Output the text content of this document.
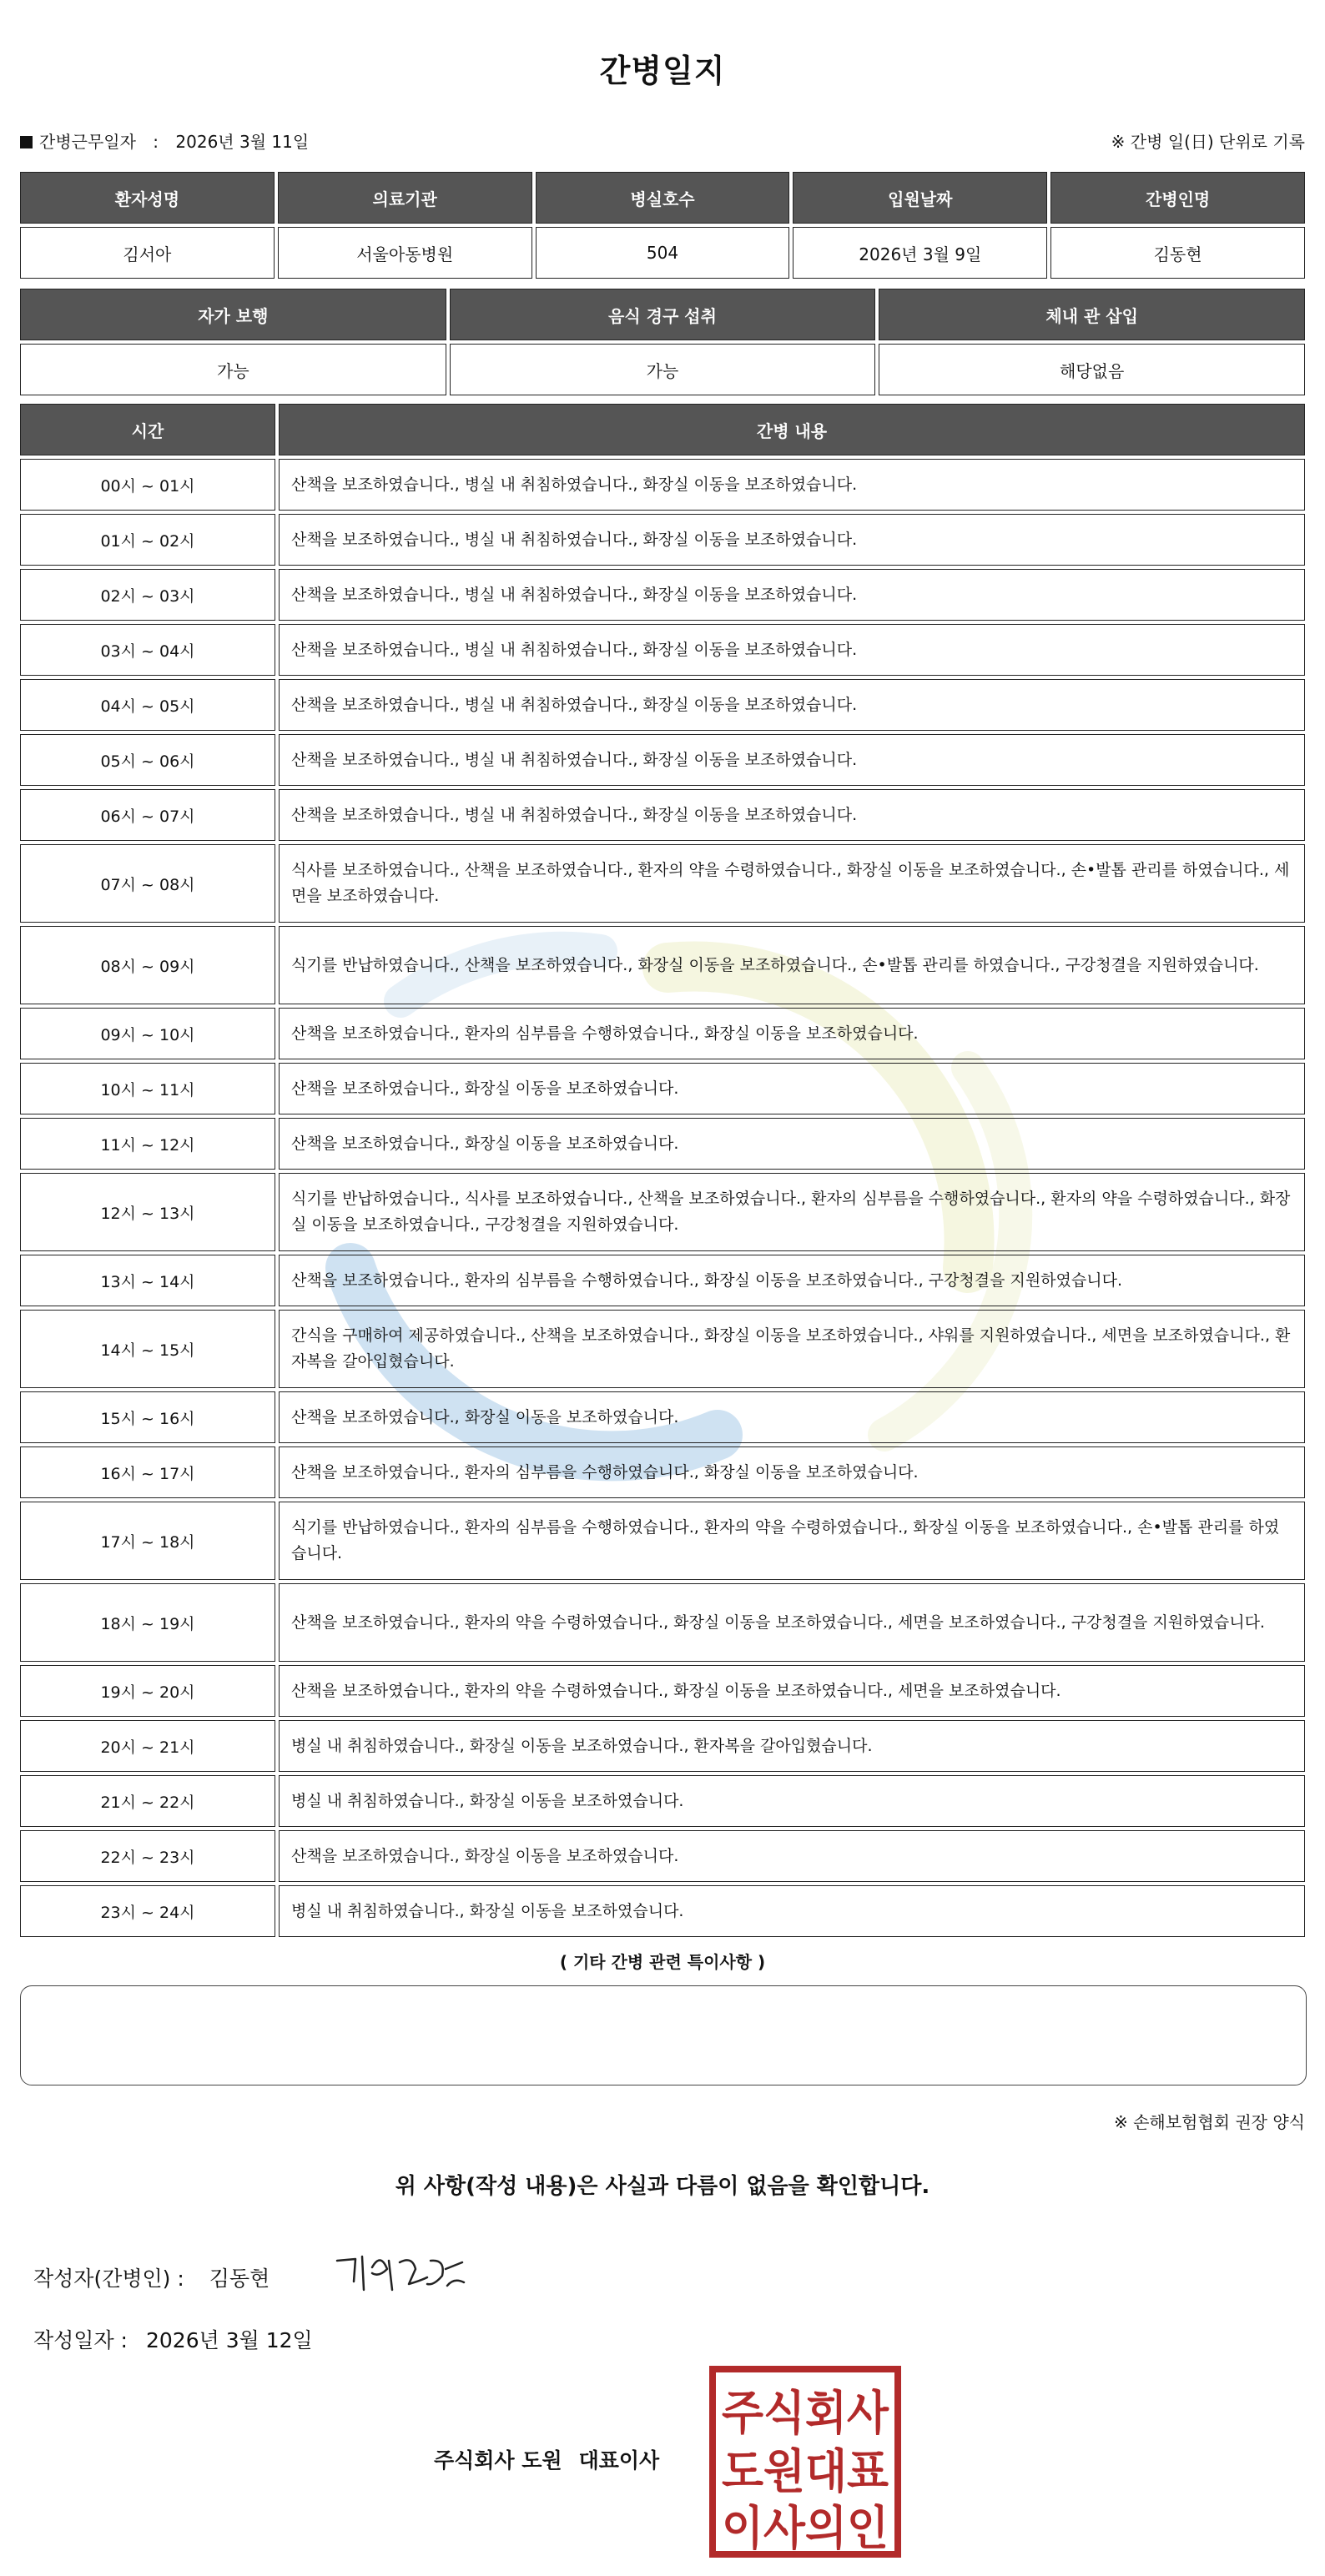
간병일지
간병근무일자 : 2026년 3월 11일	※ 간병 일(日) 단위로 기록
환자성명	의료기관	병실호수	입원날짜	간병인명
김서아	서울아동병원	504	2026년 3월 9일	김동현
자가 보행	음식 경구 섭취	체내 관 삽입
가능	가능	해당없음
시간	간병 내용
00시 ~ 01시	산책을 보조하였습니다., 병실 내 취침하였습니다., 화장실 이동을 보조하였습니다.
01시 ~ 02시	산책을 보조하였습니다., 병실 내 취침하였습니다., 화장실 이동을 보조하였습니다.
02시 ~ 03시	산책을 보조하였습니다., 병실 내 취침하였습니다., 화장실 이동을 보조하였습니다.
03시 ~ 04시	산책을 보조하였습니다., 병실 내 취침하였습니다., 화장실 이동을 보조하였습니다.
04시 ~ 05시	산책을 보조하였습니다., 병실 내 취침하였습니다., 화장실 이동을 보조하였습니다.
05시 ~ 06시	산책을 보조하였습니다., 병실 내 취침하였습니다., 화장실 이동을 보조하였습니다.
06시 ~ 07시	산책을 보조하였습니다., 병실 내 취침하였습니다., 화장실 이동을 보조하였습니다.
07시 ~ 08시	식사를 보조하였습니다., 산책을 보조하였습니다., 환자의 약을 수령하였습니다., 화장실 이동을 보조하였습니다., 손•발톱 관리를 하였습니다., 세면을 보조하였습니다.
08시 ~ 09시	식기를 반납하였습니다., 산책을 보조하였습니다., 화장실 이동을 보조하였습니다., 손•발톱 관리를 하였습니다., 구강청결을 지원하였습니다.
09시 ~ 10시	산책을 보조하였습니다., 환자의 심부름을 수행하였습니다., 화장실 이동을 보조하였습니다.
10시 ~ 11시	산책을 보조하였습니다., 화장실 이동을 보조하였습니다.
11시 ~ 12시	산책을 보조하였습니다., 화장실 이동을 보조하였습니다.
12시 ~ 13시	식기를 반납하였습니다., 식사를 보조하였습니다., 산책을 보조하였습니다., 환자의 심부름을 수행하였습니다., 환자의 약을 수령하였습니다., 화장실 이동을 보조하였습니다., 구강청결을 지원하였습니다.
13시 ~ 14시	산책을 보조하였습니다., 환자의 심부름을 수행하였습니다., 화장실 이동을 보조하였습니다., 구강청결을 지원하였습니다.
14시 ~ 15시	간식을 구매하여 제공하였습니다., 산책을 보조하였습니다., 화장실 이동을 보조하였습니다., 샤워를 지원하였습니다., 세면을 보조하였습니다., 환자복을 갈아입혔습니다.
15시 ~ 16시	산책을 보조하였습니다., 화장실 이동을 보조하였습니다.
16시 ~ 17시	산책을 보조하였습니다., 환자의 심부름을 수행하였습니다., 화장실 이동을 보조하였습니다.
17시 ~ 18시	식기를 반납하였습니다., 환자의 심부름을 수행하였습니다., 환자의 약을 수령하였습니다., 화장실 이동을 보조하였습니다., 손•발톱 관리를 하였습니다.
18시 ~ 19시	산책을 보조하였습니다., 환자의 약을 수령하였습니다., 화장실 이동을 보조하였습니다., 세면을 보조하였습니다., 구강청결을 지원하였습니다.
19시 ~ 20시	산책을 보조하였습니다., 환자의 약을 수령하였습니다., 화장실 이동을 보조하였습니다., 세면을 보조하였습니다.
20시 ~ 21시	병실 내 취침하였습니다., 화장실 이동을 보조하였습니다., 환자복을 갈아입혔습니다.
21시 ~ 22시	병실 내 취침하였습니다., 화장실 이동을 보조하였습니다.
22시 ~ 23시	산책을 보조하였습니다., 화장실 이동을 보조하였습니다.
23시 ~ 24시	병실 내 취침하였습니다., 화장실 이동을 보조하였습니다.
( 기타 간병 관련 특이사항 )
※ 손해보험협회 권장 양식
위 사항(작성 내용)은 사실과 다름이 없음을 확인합니다.
작성자(간병인) : 김동현
작성일자 : 2026년 3월 12일
주식회사 도원 대표이사
주식회사
도원대표
이사의인
